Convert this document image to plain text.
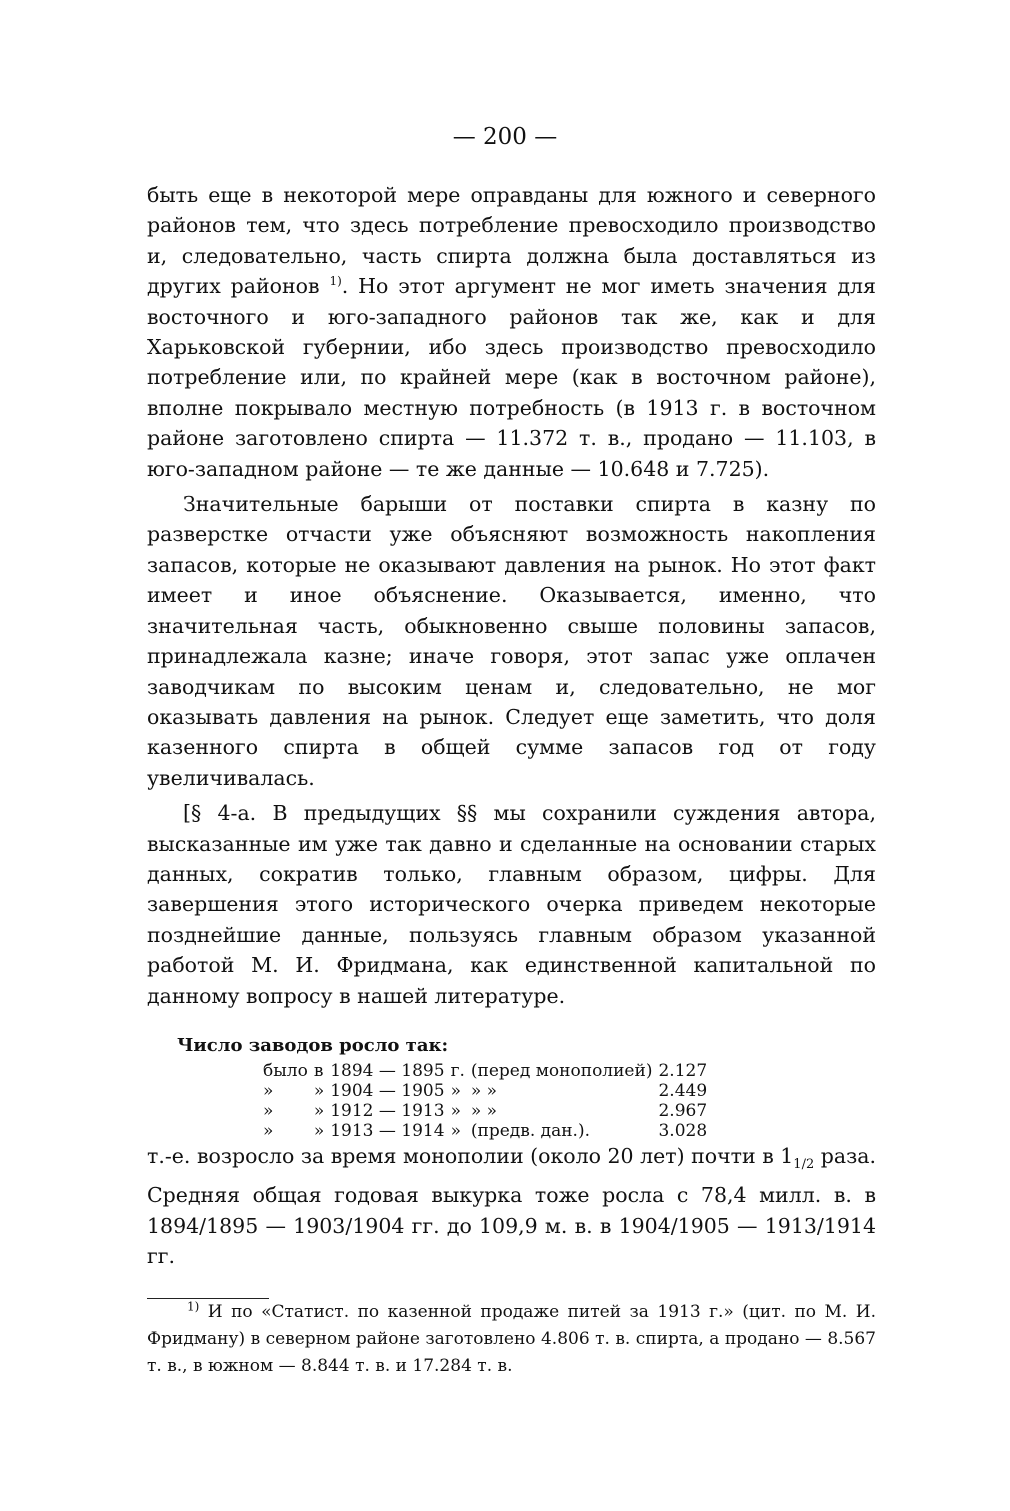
— 200 —

быть еще в некоторой мере оправданы для южного и северного районов тем, что здесь потребление превосходило производство и, следовательно, часть спирта должна была доставляться из других районов $^{1)}$. Но этот аргумент не мог иметь значения для восточного и юго-западного районов так же, как и для Харьковской губернии, ибо здесь производство превосходило потребление или, по крайней мере (как в восточном районе), вполне покрывало местную потребность (в 1913 г. в восточном районе заготовлено спирта — 11.372 т. в., продано — 11.103, в юго-западном районе — те же данные — 10.648 и 7.725).

Значительные барыши от поставки спирта в казну по разверстке отчасти уже объясняют возможность накопления запасов, которые не оказывают давления на рынок. Но этот факт имеет и иное объяснение. Оказывается, именно, что значительная часть, обыкновенно свыше половины запасов, принадлежала казне; иначе говоря, этот запас уже оплачен заводчикам по высоким ценам и, следовательно, не мог оказывать давления на рынок. Следует еще заметить, что доля казенного спирта в общей сумме запасов год от году увеличивалась.

[§ 4-а. В предыдущих §§ мы сохранили суждения автора, высказанные им уже так давно и сделанные на основании старых данных, сократив только, главным образом, цифры. Для завершения этого исторического очерка приведем некоторые позднейшие данные, пользуясь главным образом указанной работой М. И. Фридмана, как единственной капитальной по данному вопросу в нашей литературе.

Число заводов росло так:
было	в	1894 — 1895	г.	(перед монополией)	2.127
»	»	1904 — 1905	»	» »	2.449
»	»	1912 — 1913	»	» »	2.967
»	»	1913 — 1914	»	(предв. дан.).	3.028

т.-е. возросло за время монополии (около 20 лет) почти в $1_{1/2}$ раза. Средняя общая годовая выкурка тоже росла с 78,4 милл. в. в 1894/1895 — 1903/1904 гг. до 109,9 м. в. в 1904/1905 — 1913/1914 гг.

$^{1)}$ И по «Статист. по казенной продаже питей за 1913 г.» (цит. по М. И. Фридману) в северном районе заготовлено 4.806 т. в. спирта, а продано — 8.567 т. в., в южном — 8.844 т. в. и 17.284 т. в.
